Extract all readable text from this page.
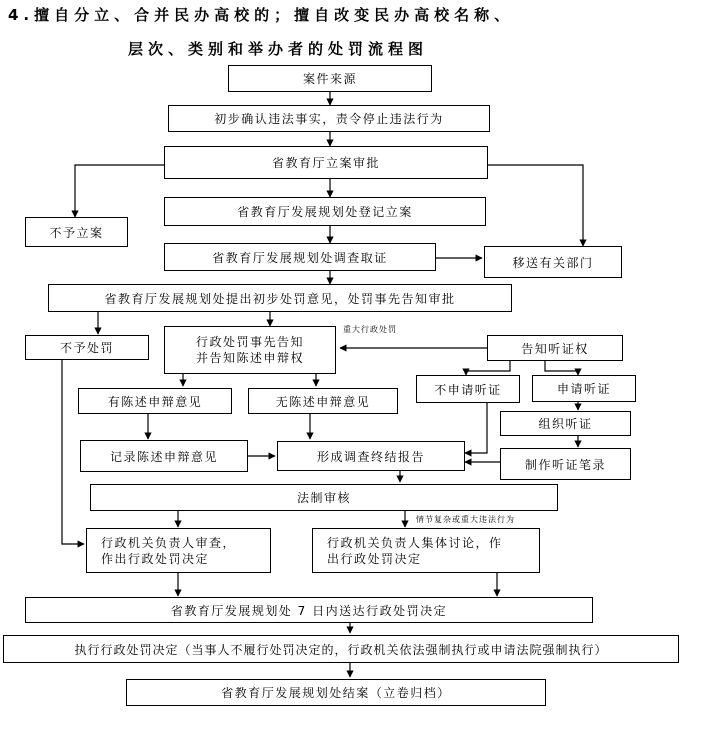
4.擅自分立、合并民办高校的；擅自改变民办高校名称、
层次、类别和举办者的处罚流程图
案件来源
初步确认违法事实，责令停止违法行为
省教育厅立案审批
省教育厅发展规划处登记立案
不予立案
省教育厅发展规划处调查取证	移送有关部门
省教育厅发展规划处提出初步处罚意见，处罚事先告知审批
不予处罚	行政处罚事先告知
并告知陈述申辩权
重大行政处罚
告知听证权
有陈述申辩意见	无陈述申辩意见
不申请听证	申请听证
组织听证
记录陈述申辩意见	形成调查终结报告
制作听证笔录
法制审核
情节复杂或重大违法行为
行政机关负责人审查，
作出行政处罚决定
行政机关负责人集体讨论，作
出行政处罚决定
省教育厅发展规划处 7 日内送达行政处罚决定
执行行政处罚决定（当事人不履行处罚决定的，行政机关依法强制执行或申请法院强制执行）
省教育厅发展规划处结案（立卷归档）
